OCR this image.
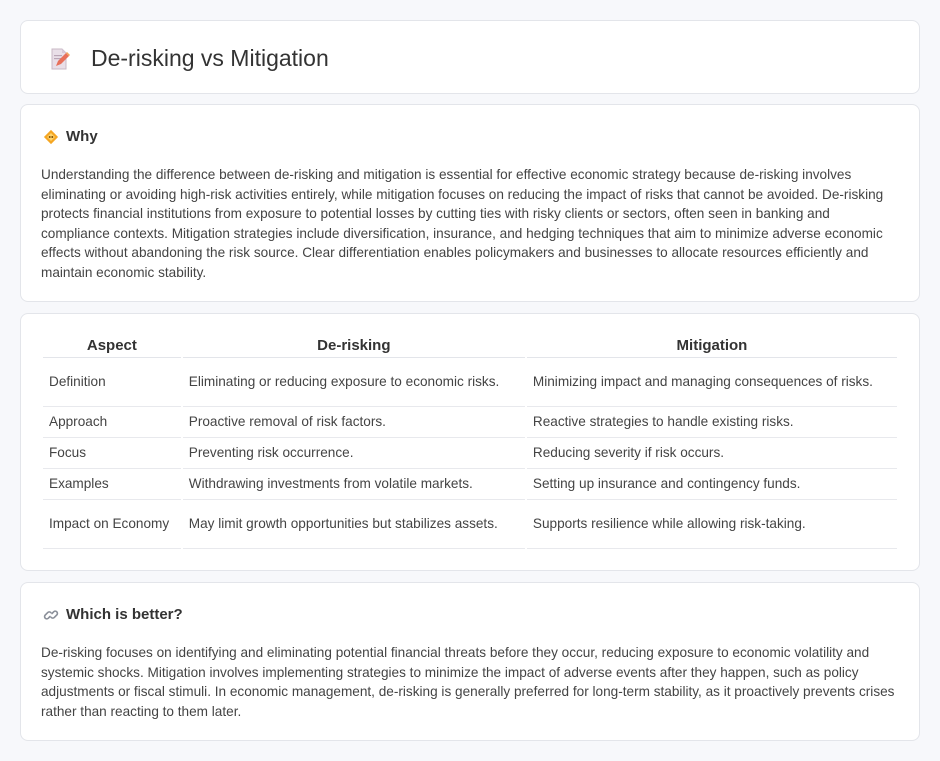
De-risking vs Mitigation
Why

Understanding the difference between de-risking and mitigation is essential for effective economic strategy because de-risking involves eliminating or avoiding high-risk activities entirely, while mitigation focuses on reducing the impact of risks that cannot be avoided. De-risking protects financial institutions from exposure to potential losses by cutting ties with risky clients or sectors, often seen in banking and compliance contexts. Mitigation strategies include diversification, insurance, and hedging techniques that aim to minimize adverse economic effects without abandoning the risk source. Clear differentiation enables policymakers and businesses to allocate resources efficiently and maintain economic stability.

Aspect	De-risking	Mitigation
Definition	Eliminating or reducing exposure to economic risks.	Minimizing impact and managing consequences of risks.
Approach	Proactive removal of risk factors.	Reactive strategies to handle existing risks.
Focus	Preventing risk occurrence.	Reducing severity if risk occurs.
Examples	Withdrawing investments from volatile markets.	Setting up insurance and contingency funds.
Impact on Economy	May limit growth opportunities but stabilizes assets.	Supports resilience while allowing risk-taking.
Which is better?

De-risking focuses on identifying and eliminating potential financial threats before they occur, reducing exposure to economic volatility and systemic shocks. Mitigation involves implementing strategies to minimize the impact of adverse events after they happen, such as policy adjustments or fiscal stimuli. In economic management, de-risking is generally preferred for long-term stability, as it proactively prevents crises rather than reacting to them later.
